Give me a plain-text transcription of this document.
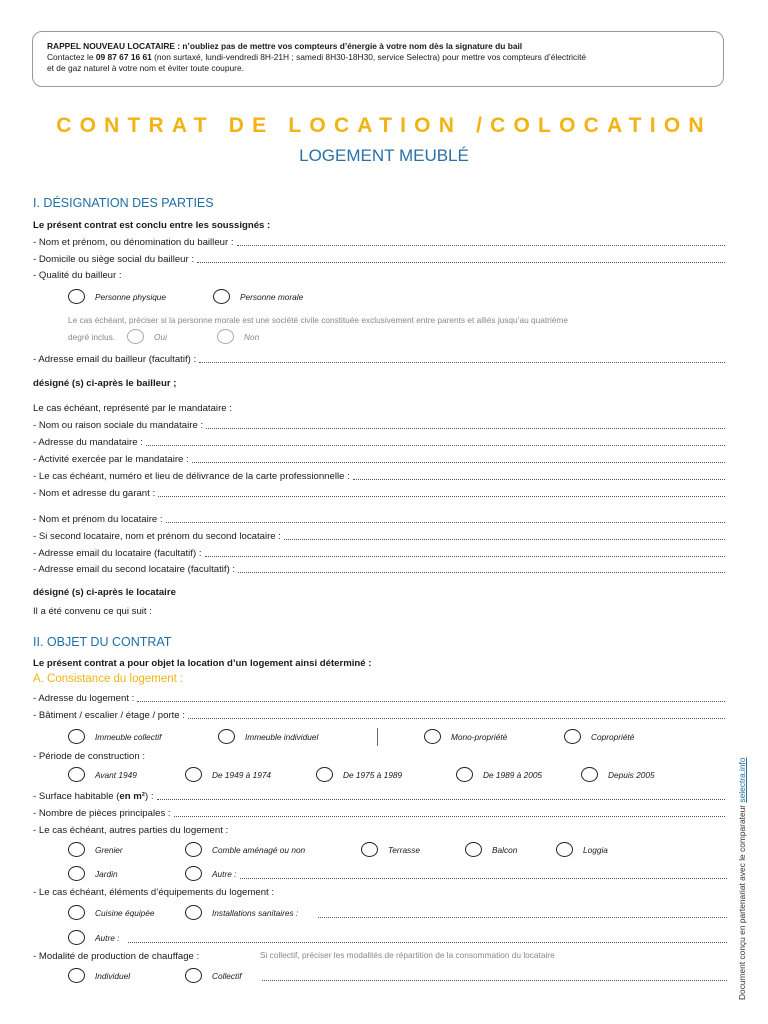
RAPPEL NOUVEAU LOCATAIRE : n’oubliez pas de mettre vos compteurs d’énergie à votre nom dès la signature du bail
Contactez le 09 87 67 16 61 (non surtaxé, lundi-vendredi 8H-21H ; samedi 8H30-18H30, service Selectra) pour mettre vos compteurs d’électricité
et de gaz naturel à votre nom et éviter toute coupure.
CONTRAT DE LOCATION /COLOCATION
LOGEMENT MEUBLÉ
I. DÉSIGNATION DES PARTIES
Le présent contrat est conclu entre les soussignés :
- Nom et prénom, ou dénomination du bailleur :
- Domicile ou siège social du bailleur :
- Qualité du bailleur :
Personne physique	Personne morale
Le cas échéant, préciser si la personne morale est une société civile constituée exclusivement entre parents et alliés jusqu’au quatrième
degré inclus.	Oui	Non
- Adresse email du bailleur (facultatif) :
désigné (s) ci-après le bailleur ;
Le cas échéant, représenté par le mandataire :
- Nom ou raison sociale du mandataire :
- Adresse du mandataire :
- Activité exercée par le mandataire :
- Le cas échéant, numéro et lieu de délivrance de la carte professionnelle :
- Nom et adresse du garant :
- Nom et prénom du locataire :
- Si second locataire, nom et prénom du second locataire :
- Adresse email du locataire (facultatif) :
- Adresse email du second locataire (facultatif) :
désigné (s) ci-après le locataire
Il a été convenu ce qui suit :
II. OBJET DU CONTRAT
Le présent contrat a pour objet la location d’un logement ainsi déterminé :
A. Consistance du logement :
- Adresse du logement :
- Bâtiment / escalier / étage / porte :
Immeuble collectif	Immeuble individuel	Mono-propriété	Copropriété
- Période de construction :
Avant 1949	De 1949 à 1974	De 1975 à 1989	De 1989 à 2005	Depuis 2005
- Surface habitable (en m²) :
- Nombre de pièces principales :
- Le cas échéant, autres parties du logement :
Grenier	Comble aménagé ou non	Terrasse	Balcon	Loggia
Jardin	Autre :
- Le cas échéant, éléments d’équipements du logement :
Cuisine équipée	Installations sanitaires :
Autre :
- Modalité de production de chauffage :	Si collectif, préciser les modalités de répartition de la consommation du locataire
Individuel	Collectif	Document conçu en partenariat avec le comparateur selectra.info
